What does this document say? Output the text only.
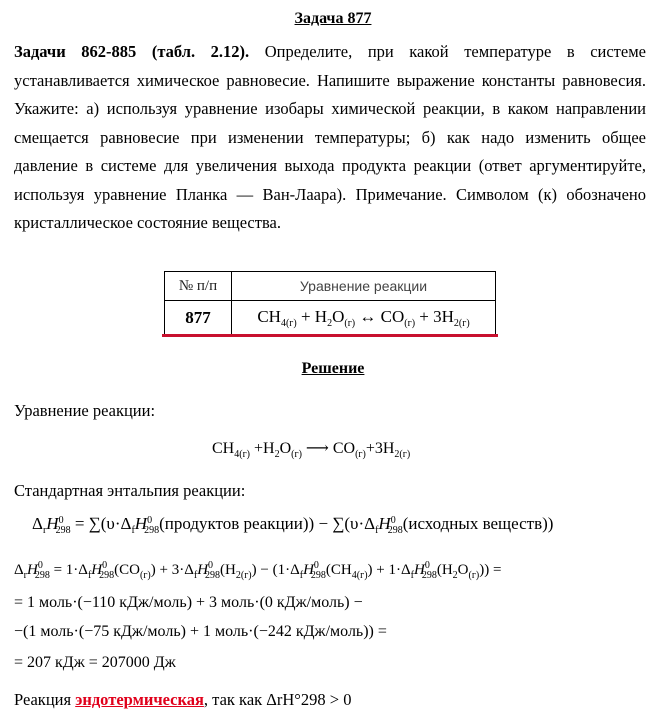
Задача 877
Задачи 862-885 (табл. 2.12). Определите, при какой температуре в системе устанавливается химическое равновесие. Напишите выражение константы равновесия. Укажите: а) используя уравнение изобары химической реакции, в каком направлении смещается равновесие при изменении температуры; б) как надо изменить общее давление в системе для увеличения выхода продукта реакции (ответ аргументируйте, используя уравнение Планка — Ван-Лаара). Примечание. Символом (к) обозначено кристаллическое состояние вещества.
№ п/п	Уравнение реакции
877	$CH_{4(г)} + H_2O_{(г)}$ ↔ $CO_{(г)} + 3H_{2(г)}$
Решение
Уравнение реакции:
$CH_{4(г)} +H_2O_{(г)}$ ⟶ $CO_{(г)}+3H_{2(г)}$
Стандартная энтальпия реакции:
$\Delta_rH^0_{298}$ = $\sum(\upsilon\cdot\Delta_fH^0_{298}(продуктов$ реакции)) − $\sum(\upsilon\cdot\Delta_fH^0_{298}(исходных$ веществ))
$\Delta_rH^0_{298} = 1\cdot\Delta_fH^0_{298}(CO_{(г)}) + 3\cdot\Delta_fH^0_{298}(H_{2(г)}) - (1\cdot\Delta_fH^0_{298}(CH_{4(г)}) + 1\cdot\Delta_fH^0_{298}(H_2O_{(г)}))$ =
= 1 моль·(−110 кДж/моль) + 3 моль·(0 кДж/моль) −
−(1 моль·(−75 кДж/моль) + 1 моль·(−242 кДж/моль)) =
= 207 кДж = 207000 Дж
Реакция эндотермическая, так как ΔrH°298 > 0
